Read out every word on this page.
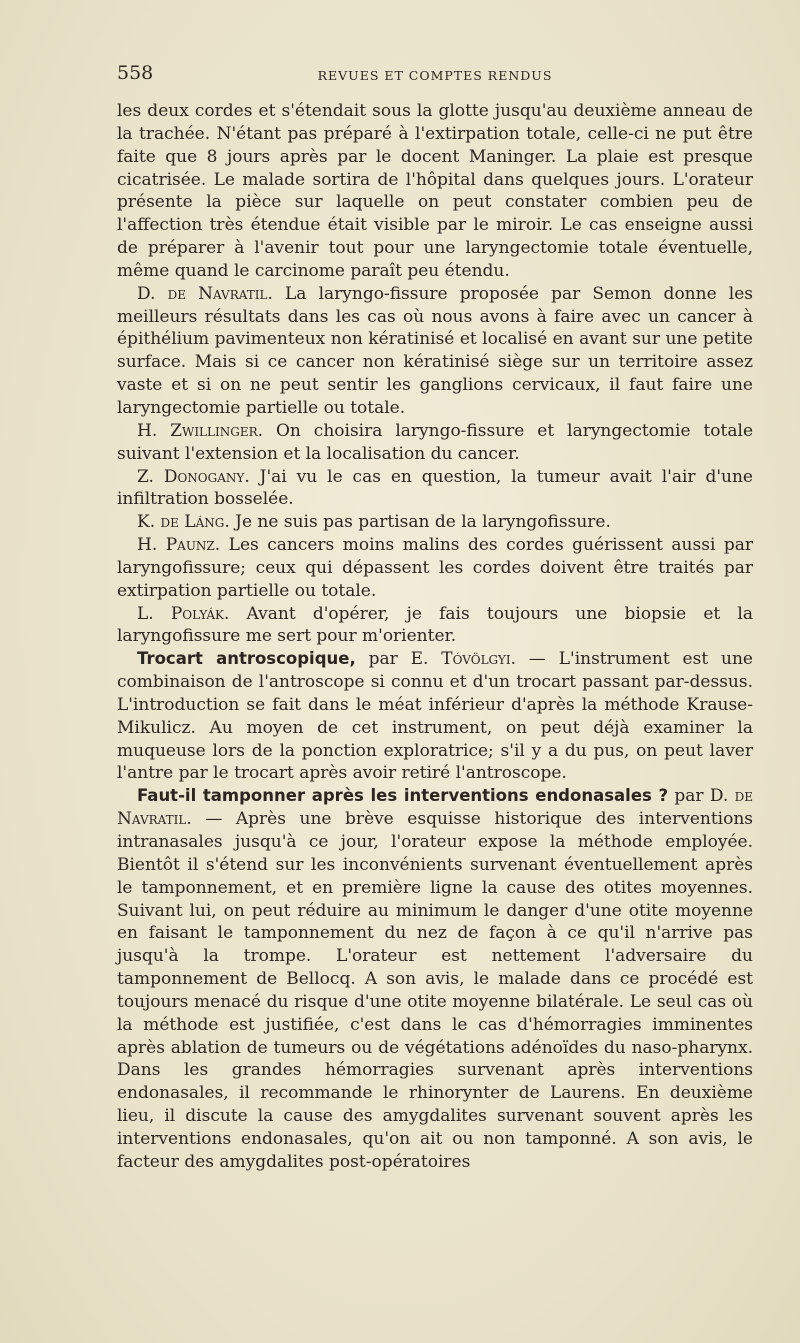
558	REVUES ET COMPTES RENDUS

les deux cordes et s'étendait sous la glotte jusqu'au deuxième anneau de la trachée. N'étant pas préparé à l'extirpation totale, celle-ci ne put être faite que 8 jours après par le docent Maninger. La plaie est presque cicatrisée. Le malade sortira de l'hôpital dans quelques jours. L'orateur présente la pièce sur laquelle on peut constater combien peu de l'affection très étendue était visible par le miroir. Le cas enseigne aussi de préparer à l'avenir tout pour une laryngectomie totale éventuelle, même quand le carcinome paraît peu étendu.

D. de Navratil. La laryngo-fissure proposée par Semon donne les meilleurs résultats dans les cas où nous avons à faire avec un cancer à épithélium pavimenteux non kératinisé et localisé en avant sur une petite surface. Mais si ce cancer non kératinisé siège sur un territoire assez vaste et si on ne peut sentir les ganglions cervicaux, il faut faire une laryngectomie partielle ou totale.

H. Zwillinger. On choisira laryngo-fissure et laryngectomie totale suivant l'extension et la localisation du cancer.

Z. Donogany. J'ai vu le cas en question, la tumeur avait l'air d'une infiltration bosselée.

K. de Láng. Je ne suis pas partisan de la laryngofissure.

H. Paunz. Les cancers moins malins des cordes guérissent aussi par laryngofissure; ceux qui dépassent les cordes doivent être traités par extirpation partielle ou totale.

L. Polyák. Avant d'opérer, je fais toujours une biopsie et la laryngofissure me sert pour m'orienter.

Trocart antroscopique, par E. Tóvölgyi. — L'instrument est une combinaison de l'antroscope si connu et d'un trocart passant par-dessus. L'introduction se fait dans le méat inférieur d'après la méthode Krause-Mikulicz. Au moyen de cet instrument, on peut déjà examiner la muqueuse lors de la ponction exploratrice; s'il y a du pus, on peut laver l'antre par le trocart après avoir retiré l'antroscope.

Faut-il tamponner après les interventions endonasales ? par D. de Navratil. — Après une brève esquisse historique des interventions intranasales jusqu'à ce jour, l'orateur expose la méthode employée. Bientôt il s'étend sur les inconvénients survenant éventuellement après le tamponnement, et en première ligne la cause des otites moyennes. Suivant lui, on peut réduire au minimum le danger d'une otite moyenne en faisant le tamponnement du nez de façon à ce qu'il n'arrive pas jusqu'à la trompe. L'orateur est nettement l'adversaire du tamponnement de Bellocq. A son avis, le malade dans ce procédé est toujours menacé du risque d'une otite moyenne bilatérale. Le seul cas où la méthode est justifiée, c'est dans le cas d'hémorragies imminentes après ablation de tumeurs ou de végétations adénoïdes du naso-pharynx. Dans les grandes hémorragies survenant après interventions endonasales, il recommande le rhinorynter de Laurens. En deuxième lieu, il discute la cause des amygdalites survenant souvent après les interventions endonasales, qu'on ait ou non tamponné. A son avis, le facteur des amygdalites post-opératoires
